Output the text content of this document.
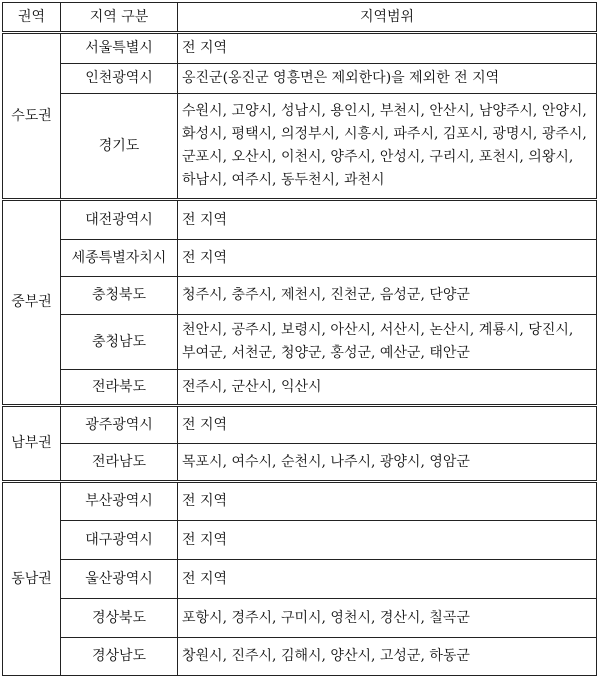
권역	지역 구분	지역범위
수도권	서울특별시	전 지역
	인천광역시	옹진군(옹진군 영흥면은 제외한다)을 제외한 전 지역
	경기도	수원시, 고양시, 성남시, 용인시, 부천시, 안산시, 남양주시, 안양시, 화성시, 평택시, 의정부시, 시흥시, 파주시, 김포시, 광명시, 광주시, 군포시, 오산시, 이천시, 양주시, 안성시, 구리시, 포천시, 의왕시, 하남시, 여주시, 동두천시, 과천시
중부권	대전광역시	전 지역
	세종특별자치시	전 지역
	충청북도	청주시, 충주시, 제천시, 진천군, 음성군, 단양군
	충청남도	천안시, 공주시, 보령시, 아산시, 서산시, 논산시, 계룡시, 당진시, 부여군, 서천군, 청양군, 홍성군, 예산군, 태안군
	전라북도	전주시, 군산시, 익산시
남부권	광주광역시	전 지역
	전라남도	목포시, 여수시, 순천시, 나주시, 광양시, 영암군
동남권	부산광역시	전 지역
	대구광역시	전 지역
	울산광역시	전 지역
	경상북도	포항시, 경주시, 구미시, 영천시, 경산시, 칠곡군
	경상남도	창원시, 진주시, 김해시, 양산시, 고성군, 하동군
